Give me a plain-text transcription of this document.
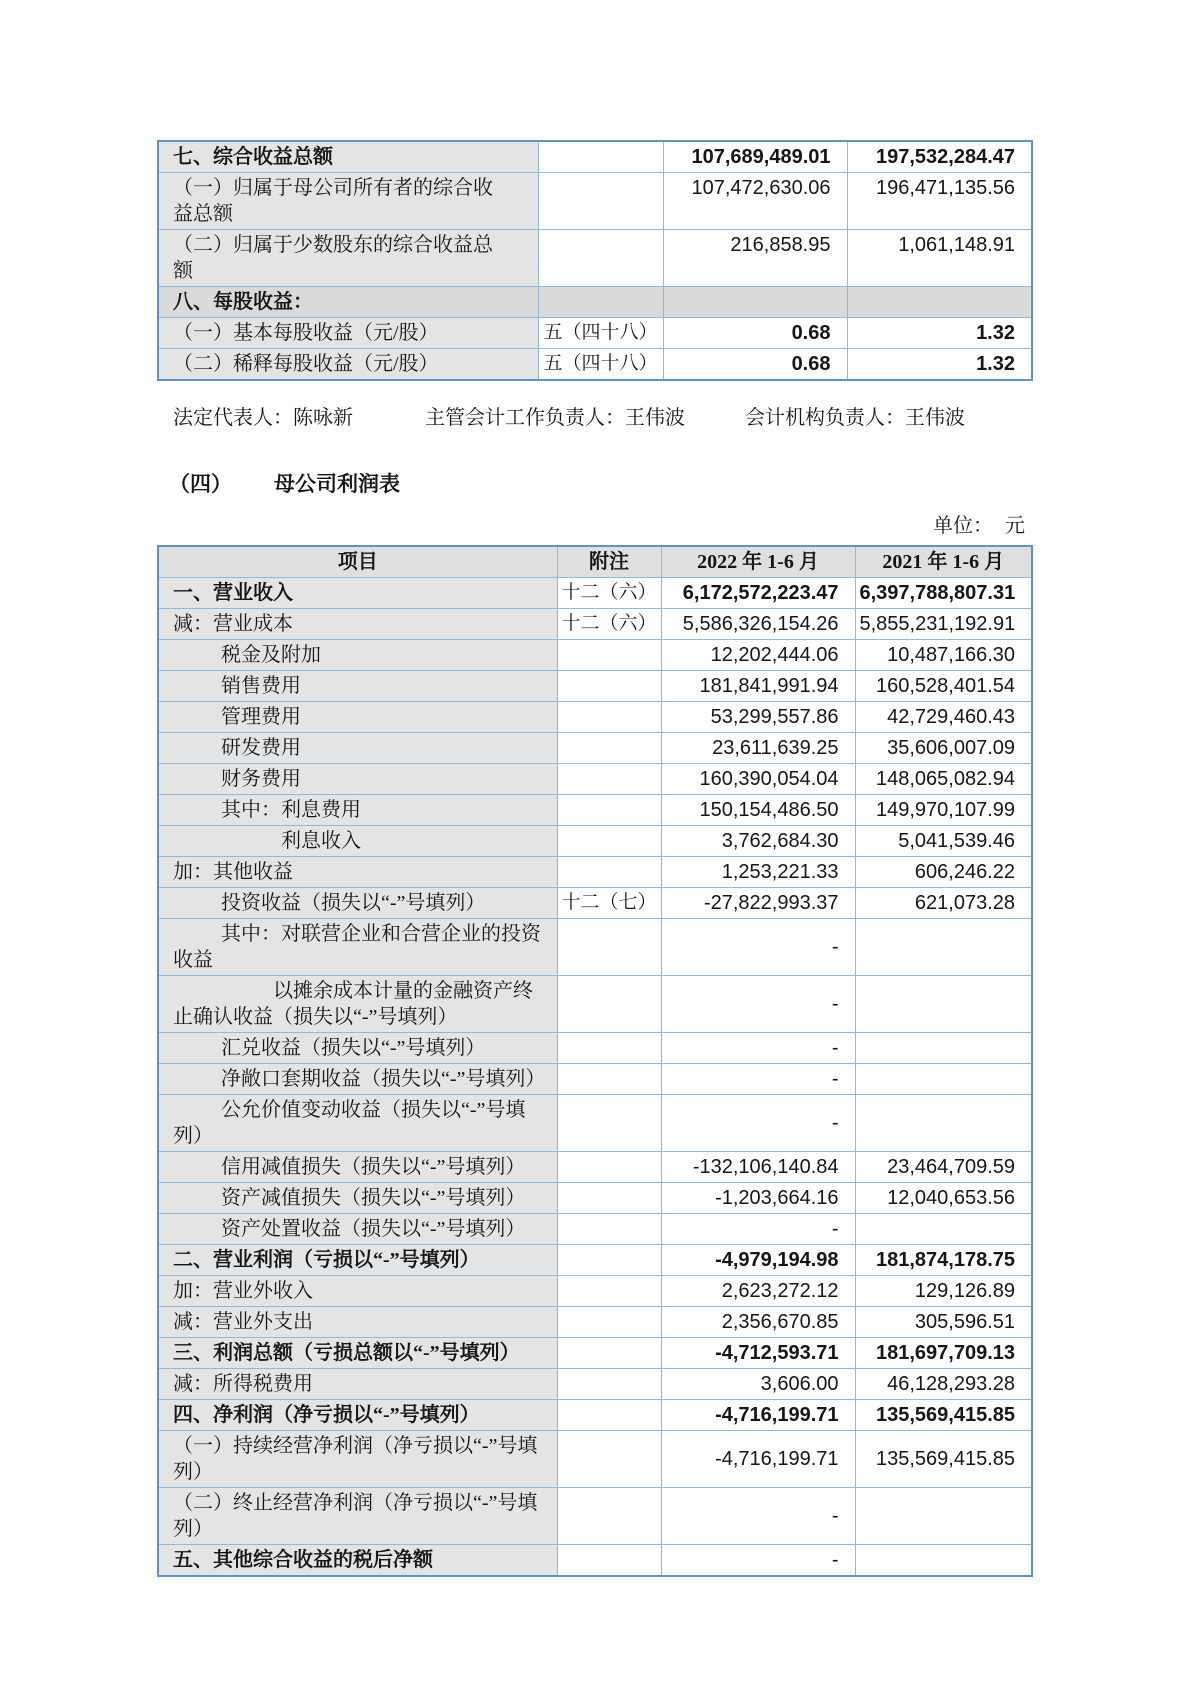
七、综合收益总额		107,689,489.01	197,532,284.47
（一）归属于母公司所有者的综合收益总额		107,472,630.06	196,471,135.56
（二）归属于少数股东的综合收益总额		216,858.95	1,061,148.91
八、每股收益：			
（一）基本每股收益（元/股）	五（四十八）	0.68	1.32
（二）稀释每股收益（元/股）	五（四十八）	0.68	1.32
法定代表人：陈咏新	主管会计工作负责人：王伟波	会计机构负责人：王伟波
（四） 母公司利润表
单位： 元
项目	附注	2022 年 1-6 月	2021 年 1-6 月
一、营业收入	十二（六）	6,172,572,223.47	6,397,788,807.31
减：营业成本	十二（六）	5,586,326,154.26	5,855,231,192.91
税金及附加		12,202,444.06	10,487,166.30
销售费用		181,841,991.94	160,528,401.54
管理费用		53,299,557.86	42,729,460.43
研发费用		23,611,639.25	35,606,007.09
财务费用		160,390,054.04	148,065,082.94
其中：利息费用		150,154,486.50	149,970,107.99
利息收入		3,762,684.30	5,041,539.46
加：其他收益		1,253,221.33	606,246.22
投资收益（损失以“-”号填列）	十二（七）	-27,822,993.37	621,073.28
其中：对联营企业和合营企业的投资收益		-	
以摊余成本计量的金融资产终止确认收益（损失以“-”号填列）		-	
汇兑收益（损失以“-”号填列）		-	
净敞口套期收益（损失以“-”号填列）		-	
公允价值变动收益（损失以“-”号填列）		-	
信用减值损失（损失以“-”号填列）		-132,106,140.84	23,464,709.59
资产减值损失（损失以“-”号填列）		-1,203,664.16	12,040,653.56
资产处置收益（损失以“-”号填列）		-	
二、营业利润（亏损以“-”号填列）		-4,979,194.98	181,874,178.75
加：营业外收入		2,623,272.12	129,126.89
减：营业外支出		2,356,670.85	305,596.51
三、利润总额（亏损总额以“-”号填列）		-4,712,593.71	181,697,709.13
减：所得税费用		3,606.00	46,128,293.28
四、净利润（净亏损以“-”号填列）		-4,716,199.71	135,569,415.85
（一）持续经营净利润（净亏损以“-”号填列）		-4,716,199.71	135,569,415.85
（二）终止经营净利润（净亏损以“-”号填列）		-	
五、其他综合收益的税后净额		-	
